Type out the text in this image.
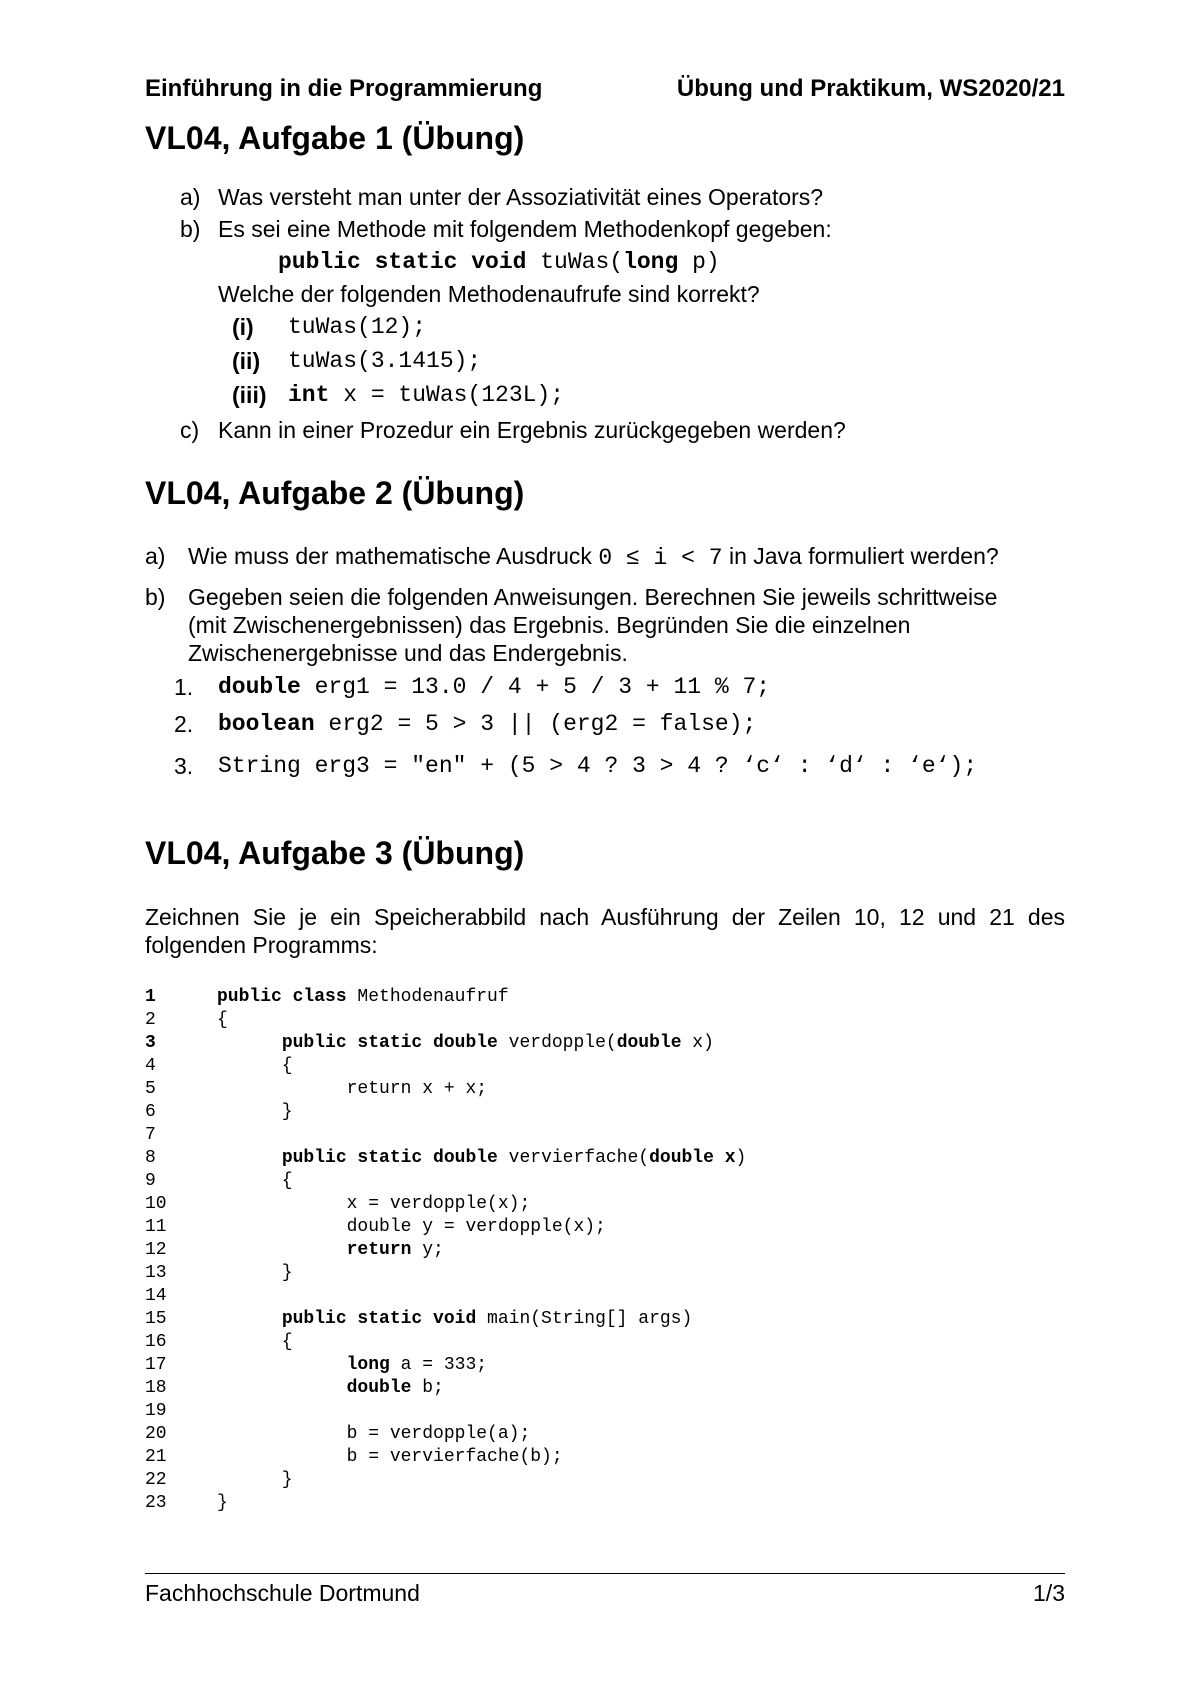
Einführung in die Programmierung	Übung und Praktikum, WS2020/21
VL04, Aufgabe 1 (Übung)
a) Was versteht man unter der Assoziativität eines Operators?
b) Es sei eine Methode mit folgendem Methodenkopf gegeben:
public static void tuWas(long p)
Welche der folgenden Methodenaufrufe sind korrekt?
(i) tuWas(12);
(ii) tuWas(3.1415);
(iii) int x = tuWas(123L);
c) Kann in einer Prozedur ein Ergebnis zurückgegeben werden?
VL04, Aufgabe 2 (Übung)
a) Wie muss der mathematische Ausdruck 0 ≤ i < 7 in Java formuliert werden?
b) Gegeben seien die folgenden Anweisungen. Berechnen Sie jeweils schrittweise
(mit Zwischenergebnissen) das Ergebnis. Begründen Sie die einzelnen
Zwischenergebnisse und das Endergebnis.
1. double erg1 = 13.0 / 4 + 5 / 3 + 11 % 7;
2. boolean erg2 = 5 > 3 || (erg2 = false);
3. String erg3 = "en" + (5 > 4 ? 3 > 4 ? ‘c‘ : ‘d‘ : ‘e‘);
VL04, Aufgabe 3 (Übung)
Zeichnen Sie je ein Speicherabbild nach Ausführung der Zeilen 10, 12 und 21 des
folgenden Programms:
1	public class Methodenaufruf
2	{
3	public static double verdopple(double x)
4	{
5	return x + x;
6	}
7
8	public static double vervierfache(double x)
9	{
10	x = verdopple(x);
11	double y = verdopple(x);
12	return y;
13	}
14
15	public static void main(String[] args)
16	{
17	long a = 333;
18	double b;
19
20	b = verdopple(a);
21	b = vervierfache(b);
22	}
23	}
Fachhochschule Dortmund	1/3
